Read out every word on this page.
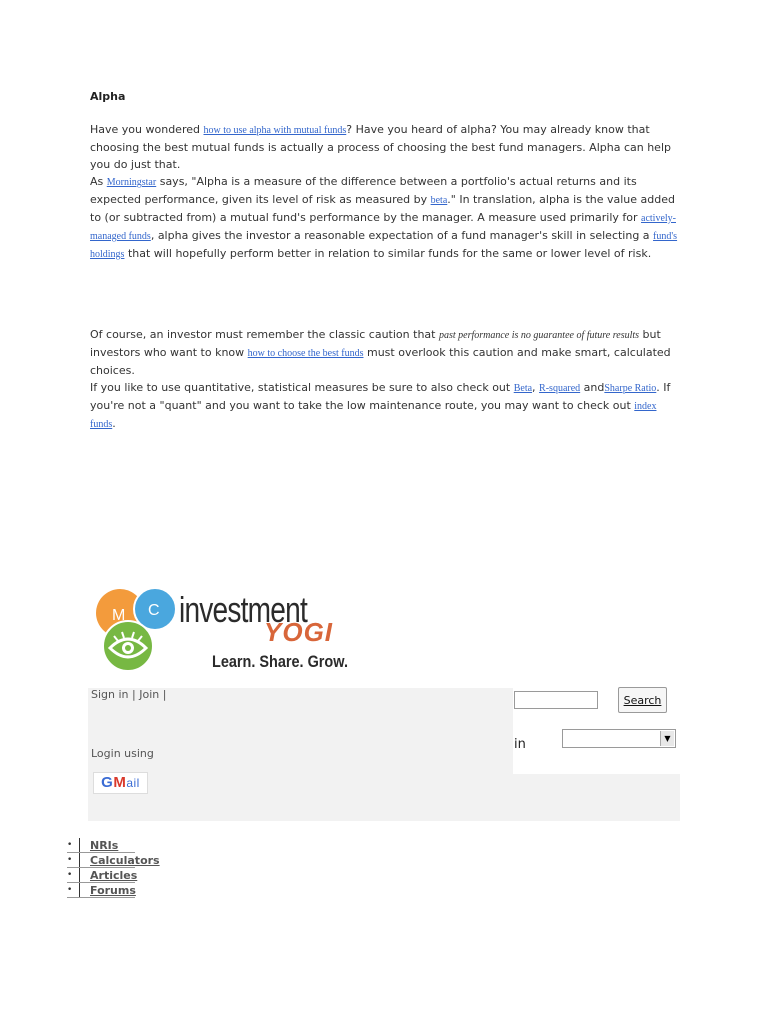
Alpha

Have you wondered how to use alpha with mutual funds? Have you heard of alpha? You may already know that choosing the best mutual funds is actually a process of choosing the best fund managers. Alpha can help you do just that.
As Morningstar says, "Alpha is a measure of the difference between a portfolio's actual returns and its expected performance, given its level of risk as measured by beta." In translation, alpha is the value added to (or subtracted from) a mutual fund's performance by the manager. A measure used primarily for actively-managed funds, alpha gives the investor a reasonable expectation of a fund manager's skill in selecting a fund's holdings that will hopefully perform better in relation to similar funds for the same or lower level of risk.

Of course, an investor must remember the classic caution that past performance is no guarantee of future results but investors who want to know how to choose the best funds must overlook this caution and make smart, calculated choices.
If you like to use quantitative, statistical measures be sure to also check out Beta, R-squared andSharpe Ratio. If you're not a "quant" and you want to take the low maintenance route, you may want to check out index funds.

M C investment
YOGI
Learn. Share. Grow.
Sign in | Join |
Login using
GMail
Search
in	▼
• NRIs
• Calculators
• Articles
• Forums
